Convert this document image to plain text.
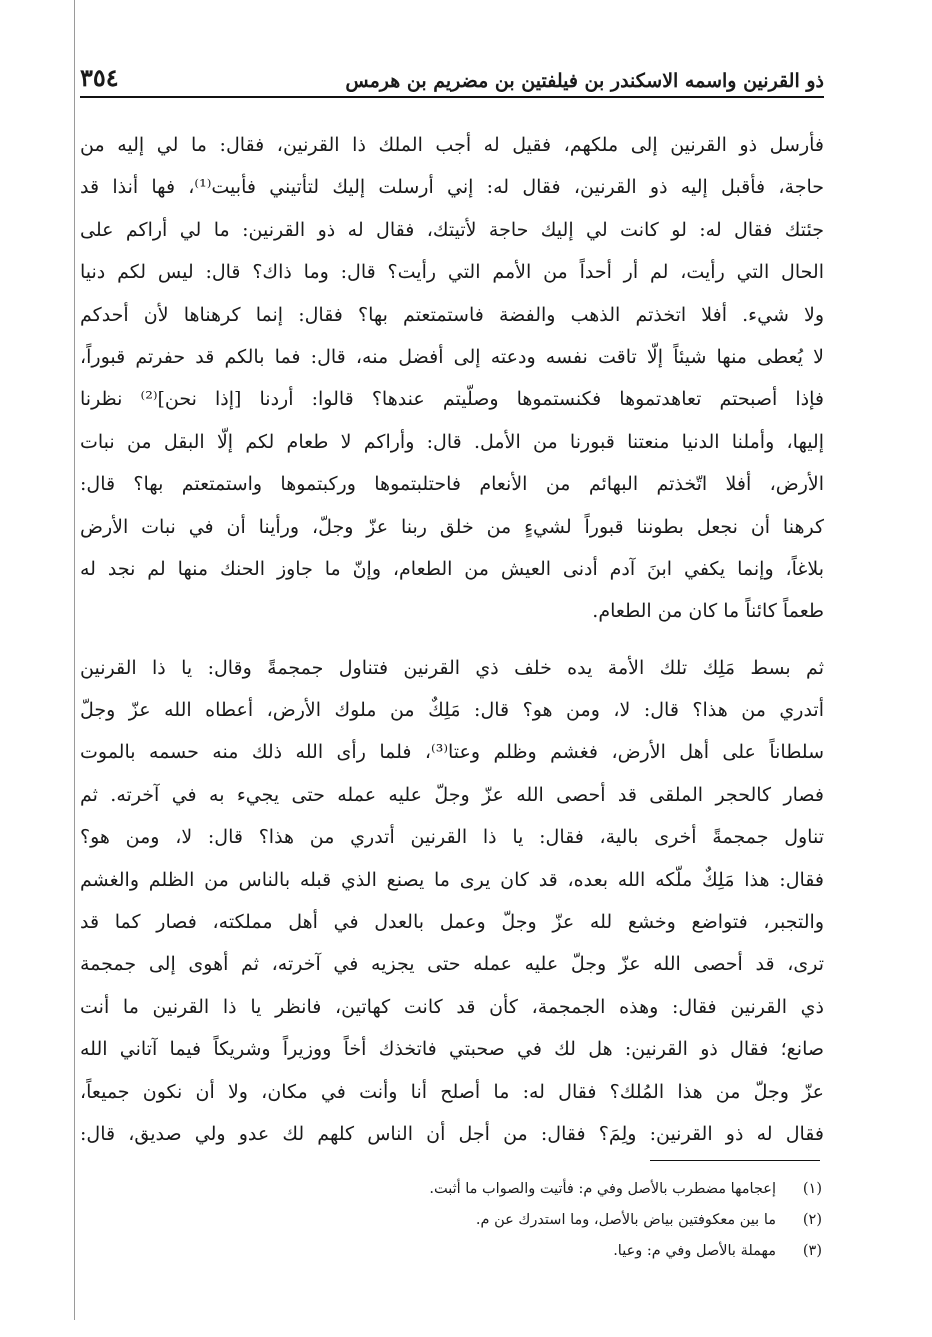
ذو القرنين واسمه الاسكندر بن فيلفتين بن مضريم بن هرمس
٣٥٤
فأرسل ذو القرنين إلى ملكهم، فقيل له أجب الملك ذا القرنين، فقال: ما لي إليه من
حاجة، فأقبل إليه ذو القرنين، فقال له: إني أرسلت إليك لتأتيني فأبيت⁽¹⁾، فها أنذا قد
جئتك فقال له: لو كانت لي إليك حاجة لأتيتك، فقال له ذو القرنين: ما لي أراكم على
الحال التي رأيت، لم أر أحداً من الأمم التي رأيت؟ قال: وما ذاك؟ قال: ليس لكم دنيا
ولا شيء. أفلا اتخذتم الذهب والفضة فاستمتعتم بها؟ فقال: إنما كرهناها لأن أحدكم
لا يُعطى منها شيئاً إلّا تاقت نفسه ودعته إلى أفضل منه، قال: فما بالكم قد حفرتم قبوراً،
فإذا أصبحتم تعاهدتموها فكنستموها وصلّيتم عندها؟ قالوا: أردنا [إذا نحن]⁽²⁾ نظرنا
إليها، وأملنا الدنيا منعتنا قبورنا من الأمل. قال: وأراكم لا طعام لكم إلّا البقل من نبات
الأرض، أفلا اتّخذتم البهائم من الأنعام فاحتلبتموها وركبتموها واستمتعتم بها؟ قال:
كرهنا أن نجعل بطوننا قبوراً لشيءٍ من خلق ربنا عزّ وجلّ، ورأينا أن في نبات الأرض
بلاغاً، وإنما يكفي ابنَ آدم أدنى العيش من الطعام، وإنّ ما جاوز الحنك منها لم نجد له
طعماً كائناً ما كان من الطعام.
ثم بسط مَلِك تلك الأمة يده خلف ذي القرنين فتناول جمجمةً وقال: يا ذا القرنين
أتدري من هذا؟ قال: لا، ومن هو؟ قال: مَلِكٌ من ملوك الأرض، أعطاه الله عزّ وجلّ
سلطاناً على أهل الأرض، فغشم وظلم وعتا⁽³⁾، فلما رأى الله ذلك منه حسمه بالموت
فصار كالحجر الملقى قد أحصى الله عزّ وجلّ عليه عمله حتى يجيء به في آخرته. ثم
تناول جمجمةً أخرى بالية، فقال: يا ذا القرنين أتدري من هذا؟ قال: لا، ومن هو؟
فقال: هذا مَلِكٌ ملّكه الله بعده، قد كان يرى ما يصنع الذي قبله بالناس من الظلم والغشم
والتجبر، فتواضع وخشع لله عزّ وجلّ وعمل بالعدل في أهل مملكته، فصار كما قد
ترى، قد أحصى الله عزّ وجلّ عليه عمله حتى يجزيه في آخرته، ثم أهوى إلى جمجمة
ذي القرنين فقال: وهذه الجمجمة، كأن قد كانت كهاتين، فانظر يا ذا القرنين ما أنت
صانع؛ فقال ذو القرنين: هل لك في صحبتي فاتخذك أخاً ووزيراً وشريكاً فيما آتاني الله
عزّ وجلّ من هذا المُلك؟ فقال له: ما أصلح أنا وأنت في مكان، ولا أن نكون جميعاً،
فقال له ذو القرنين: ولِمَ؟ فقال: من أجل أن الناس كلهم لك عدو ولي صديق، قال:
(١)
إعجامها مضطرب بالأصل وفي م: فأتيت والصواب ما أثبت.
(٢)
ما بين معكوفتين بياض بالأصل، وما استدرك عن م.
(٣)
مهملة بالأصل وفي م: وعيا.
